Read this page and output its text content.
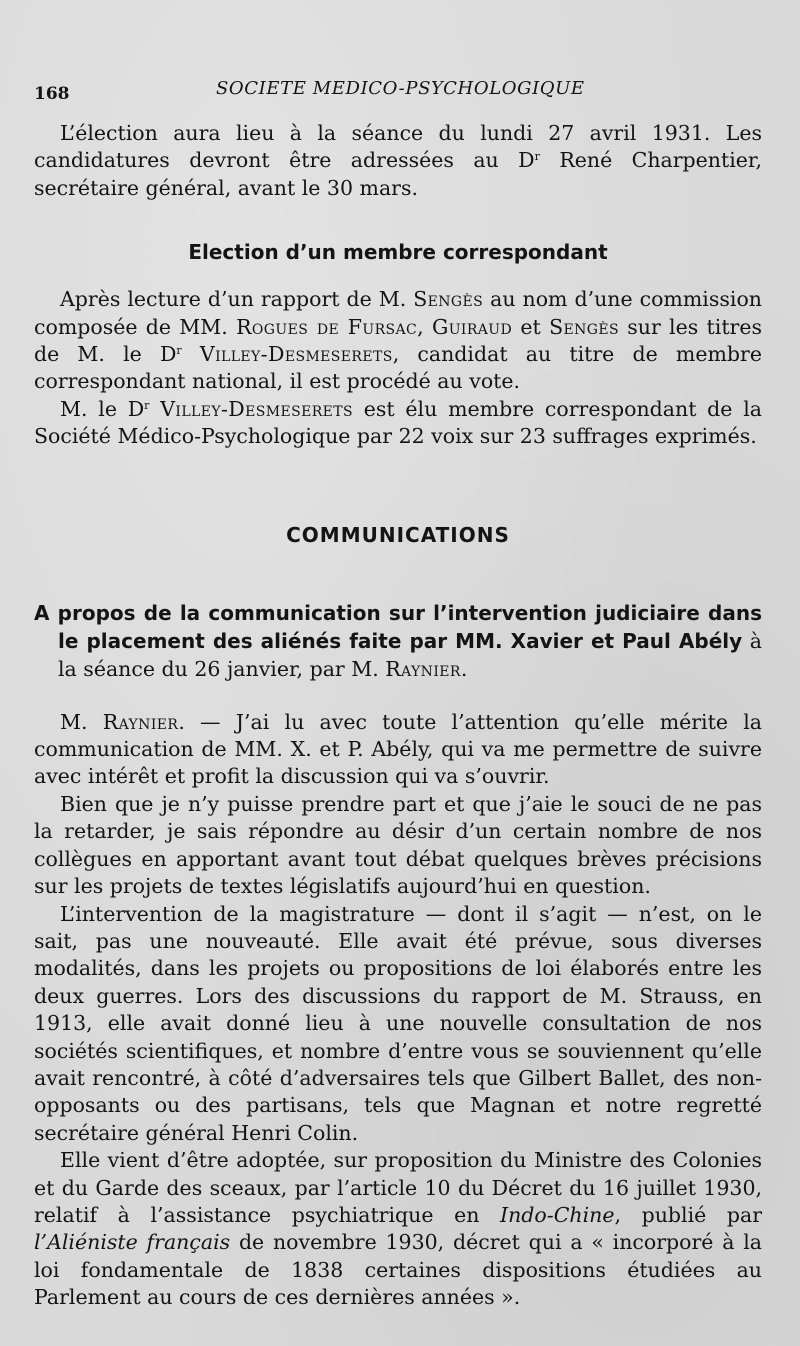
168	SOCIETE MEDICO-PSYCHOLOGIQUE

L’élection aura lieu à la séance du lundi 27 avril 1931. Les candidatures devront être adressées au $D^r$ René Charpentier, secrétaire général, avant le 30 mars.

Election d’un membre correspondant

Après lecture d’un rapport de M. Sengès au nom d’une commission composée de MM. Rogues de Fursac, Guiraud et Sengès sur les titres de M. le $D^r$ Villey-Desmeserets, candidat au titre de membre correspondant national, il est procédé au vote.

M. le $D^r$ Villey-Desmeserets est élu membre correspondant de la Société Médico-Psychologique par 22 voix sur 23 suffrages exprimés.

COMMUNICATIONS
A propos de la communication sur l’intervention judiciaire dans le placement des aliénés faite par MM. Xavier et Paul Abély à la séance du 26 janvier, par M. Raynier.

M. Raynier. — J’ai lu avec toute l’attention qu’elle mérite la communication de MM. X. et P. Abély, qui va me permettre de suivre avec intérêt et profit la discussion qui va s’ouvrir.

Bien que je n’y puisse prendre part et que j’aie le souci de ne pas la retarder, je sais répondre au désir d’un certain nombre de nos collègues en apportant avant tout débat quelques brèves précisions sur les projets de textes législatifs aujourd’hui en question.

L’intervention de la magistrature — dont il s’agit — n’est, on le sait, pas une nouveauté. Elle avait été prévue, sous diverses modalités, dans les projets ou propositions de loi élaborés entre les deux guerres. Lors des discussions du rapport de M. Strauss, en 1913, elle avait donné lieu à une nouvelle consultation de nos sociétés scientifiques, et nombre d’entre vous se souviennent qu’elle avait rencontré, à côté d’adversaires tels que Gilbert Ballet, des non-opposants ou des partisans, tels que Magnan et notre regretté secrétaire général Henri Colin.

Elle vient d’être adoptée, sur proposition du Ministre des Colonies et du Garde des sceaux, par l’article 10 du Décret du 16 juillet 1930, relatif à l’assistance psychiatrique en Indo-Chine, publié par l’Aliéniste français de novembre 1930, décret qui a « incorporé à la loi fondamentale de 1838 certaines dispositions étudiées au Parlement au cours de ces dernières années ».
